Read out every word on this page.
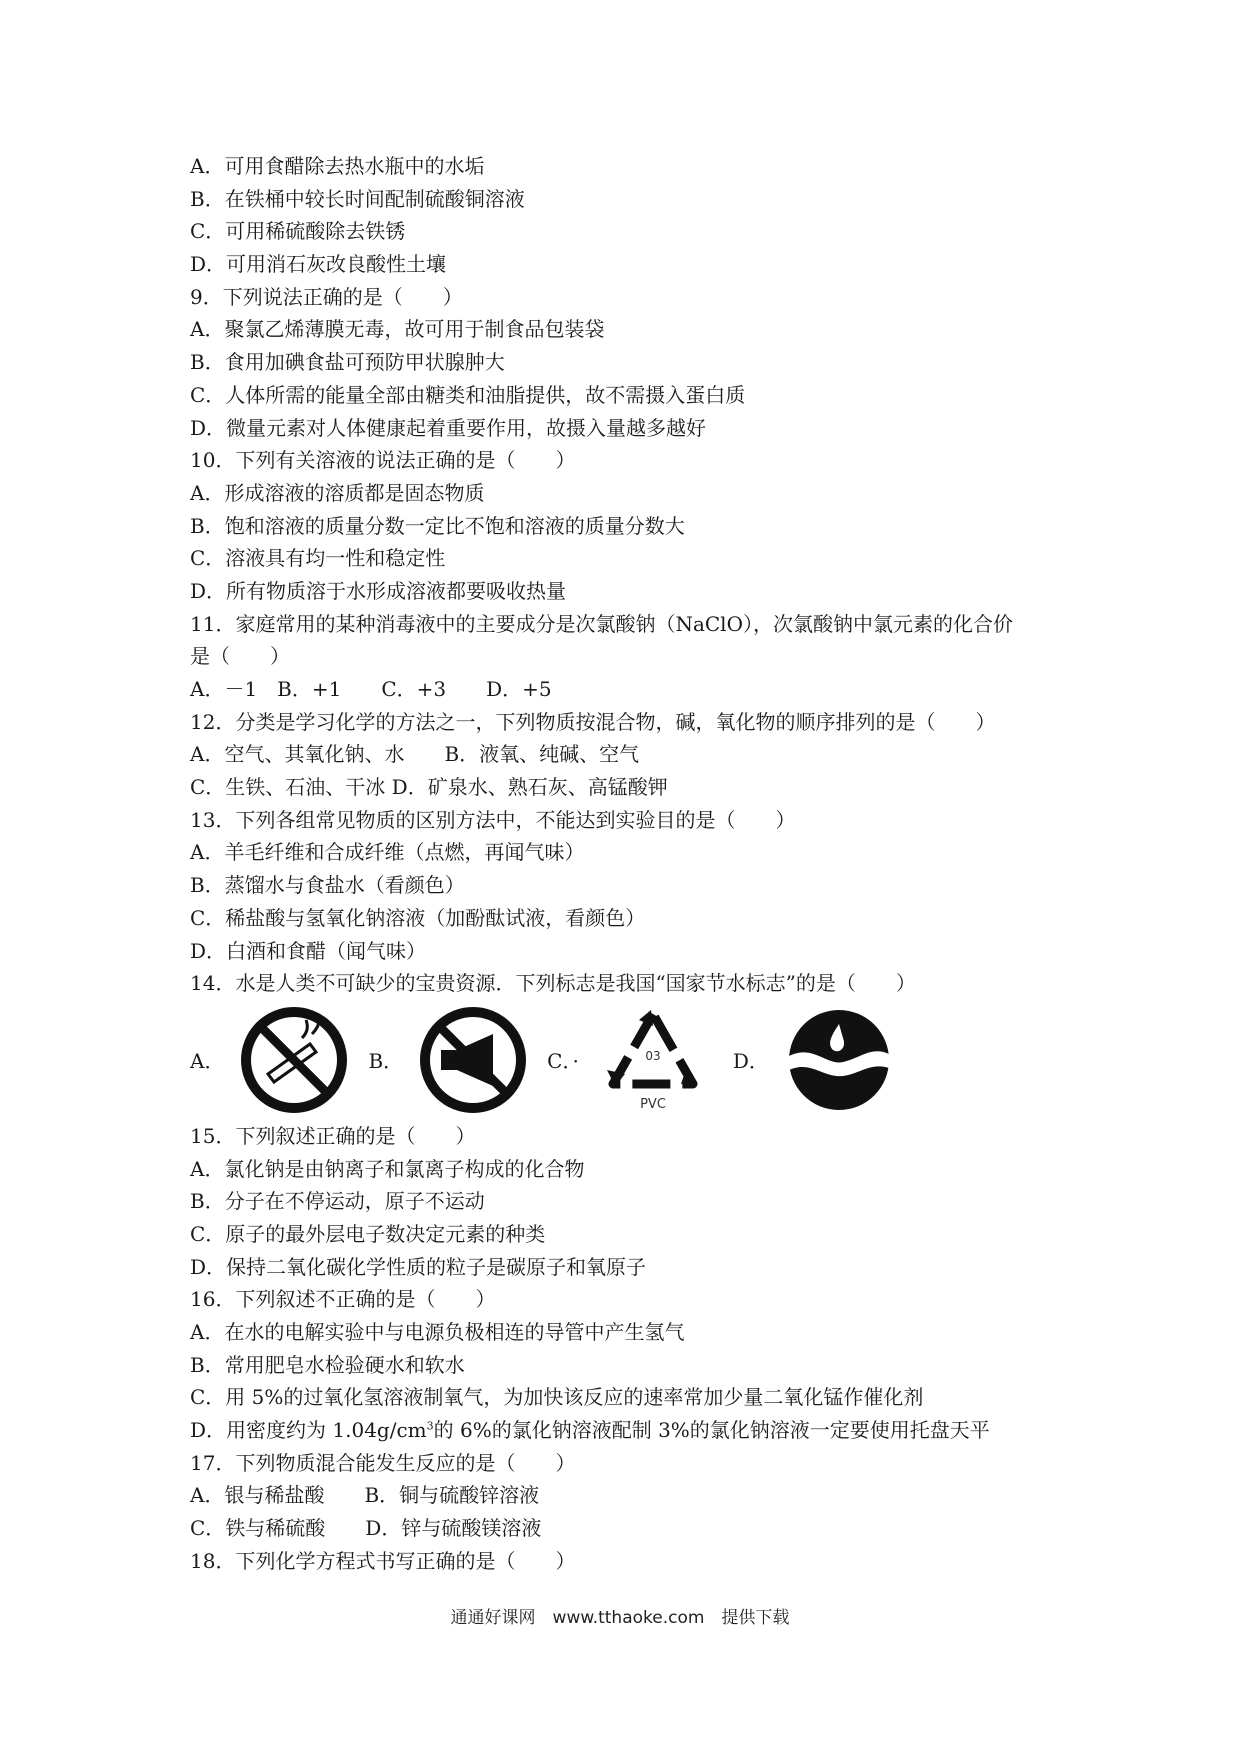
A．可用食醋除去热水瓶中的水垢
B．在铁桶中较长时间配制硫酸铜溶液
C．可用稀硫酸除去铁锈
D．可用消石灰改良酸性土壤
9．下列说法正确的是（　　）
A．聚氯乙烯薄膜无毒，故可用于制食品包装袋
B．食用加碘食盐可预防甲状腺肿大
C．人体所需的能量全部由糖类和油脂提供，故不需摄入蛋白质
D．微量元素对人体健康起着重要作用，故摄入量越多越好
10．下列有关溶液的说法正确的是（　　）
A．形成溶液的溶质都是固态物质
B．饱和溶液的质量分数一定比不饱和溶液的质量分数大
C．溶液具有均一性和稳定性
D．所有物质溶于水形成溶液都要吸收热量
11．家庭常用的某种消毒液中的主要成分是次氯酸钠（NaClO），次氯酸钠中氯元素的化合价
是（　　）
A．－1　B．+1　　C．+3　　D．+5
12．分类是学习化学的方法之一，下列物质按混合物，碱，氧化物的顺序排列的是（　　）
A．空气、其氧化钠、水　　B．液氧、纯碱、空气
C．生铁、石油、干冰 D．矿泉水、熟石灰、高锰酸钾
13．下列各组常见物质的区别方法中，不能达到实验目的是（　　）
A．羊毛纤维和合成纤维（点燃，再闻气味）
B．蒸馏水与食盐水（看颜色）
C．稀盐酸与氢氧化钠溶液（加酚酞试液，看颜色）
D．白酒和食醋（闻气味）
14．水是人类不可缺少的宝贵资源．下列标志是我国“国家节水标志”的是（　　）
A．	B．	C．·	03
PVC
D．
15．下列叙述正确的是（　　）
A．氯化钠是由钠离子和氯离子构成的化合物
B．分子在不停运动，原子不运动
C．原子的最外层电子数决定元素的种类
D．保持二氧化碳化学性质的粒子是碳原子和氧原子
16．下列叙述不正确的是（　　）
A．在水的电解实验中与电源负极相连的导管中产生氢气
B．常用肥皂水检验硬水和软水
C．用 5%的过氧化氢溶液制氧气，为加快该反应的速率常加少量二氧化锰作催化剂
D．用密度约为 $1.04g/cm^3$的 6%的氯化钠溶液配制 3%的氯化钠溶液一定要使用托盘天平
17．下列物质混合能发生反应的是（　　）
A．银与稀盐酸　　B．铜与硫酸锌溶液
C．铁与稀硫酸　　D．锌与硫酸镁溶液
18．下列化学方程式书写正确的是（　　）
通通好课网　www.tthaoke.com　提供下载
